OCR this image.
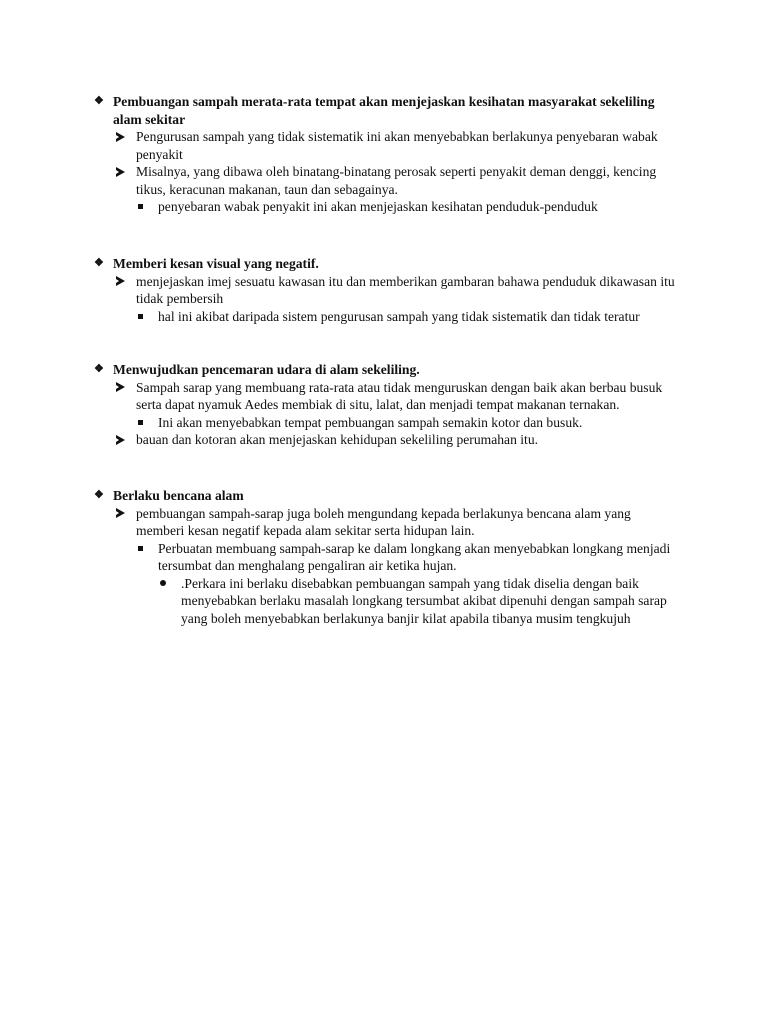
❖ Pembuangan sampah merata-rata tempat akan menjejaskan kesihatan masyarakat sekeliling alam sekitar
Pengurusan sampah yang tidak sistematik ini akan menyebabkan berlakunya penyebaran wabak penyakit
Misalnya, yang dibawa oleh binatang-binatang perosak seperti penyakit deman denggi, kencing tikus, keracunan makanan, taun dan sebagainya.
penyebaran wabak penyakit ini akan menjejaskan kesihatan penduduk-penduduk
❖ Memberi kesan visual yang negatif.
menjejaskan imej sesuatu kawasan itu dan memberikan gambaran bahawa penduduk dikawasan itu tidak pembersih
hal ini akibat daripada sistem pengurusan sampah yang tidak sistematik dan tidak teratur
❖ Menwujudkan pencemaran udara di alam sekeliling.
Sampah sarap yang membuang rata-rata atau tidak menguruskan dengan baik akan berbau busuk serta dapat nyamuk Aedes membiak di situ, lalat, dan menjadi tempat makanan ternakan.
Ini akan menyebabkan tempat pembuangan sampah semakin kotor dan busuk.
bauan dan kotoran akan menjejaskan kehidupan sekeliling perumahan itu.
❖ Berlaku bencana alam
pembuangan sampah-sarap juga boleh mengundang kepada berlakunya bencana alam yang memberi kesan negatif kepada alam sekitar serta hidupan lain.
Perbuatan membuang sampah-sarap ke dalam longkang akan menyebabkan longkang menjadi tersumbat dan menghalang pengaliran air ketika hujan.
.Perkara ini berlaku disebabkan pembuangan sampah yang tidak diselia dengan baik menyebabkan berlaku masalah longkang tersumbat akibat dipenuhi dengan sampah sarap yang boleh menyebabkan berlakunya banjir kilat apabila tibanya musim tengkujuh
